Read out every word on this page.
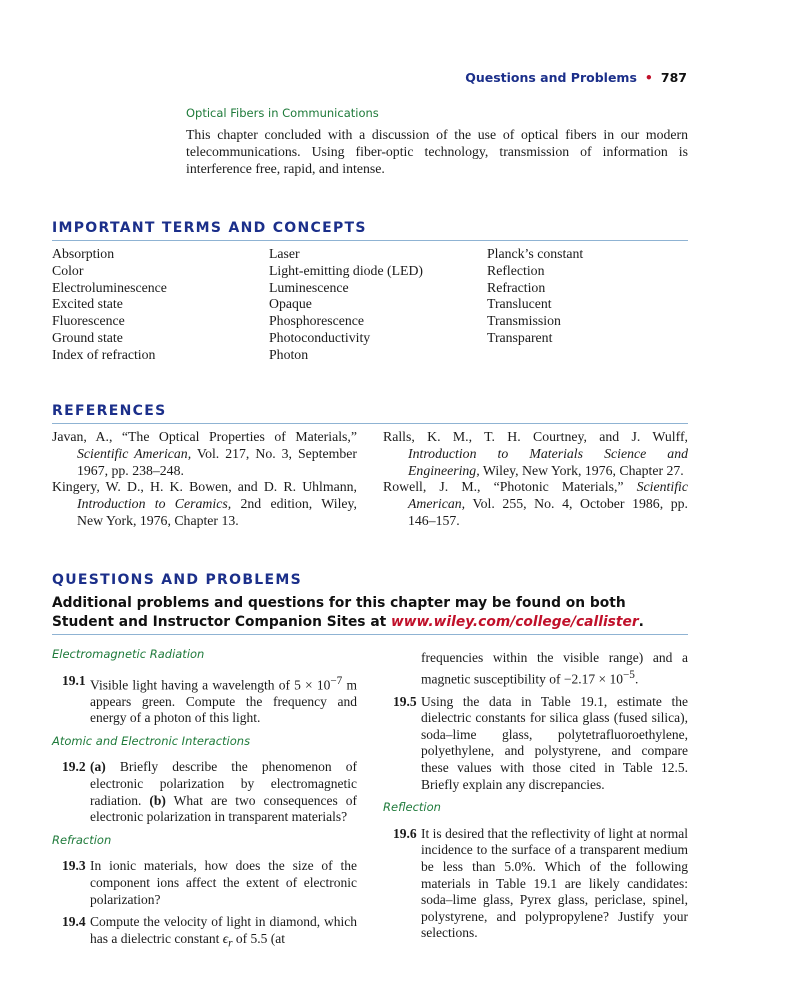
Questions and Problems • 787
Optical Fibers in Communications
This chapter concluded with a discussion of the use of optical fibers in our modern telecommunications. Using fiber-optic technology, transmission of information is interference free, rapid, and intense.
IMPORTANT TERMS AND CONCEPTS
Absorption
Color
Electroluminescence
Excited state
Fluorescence
Ground state
Index of refraction
Laser
Light-emitting diode (LED)
Luminescence
Opaque
Phosphorescence
Photoconductivity
Photon
Planck’s constant
Reflection
Refraction
Translucent
Transmission
Transparent
REFERENCES
Javan, A., “The Optical Properties of Materials,” Scientific American, Vol. 217, No. 3, September 1967, pp. 238–248.
Kingery, W. D., H. K. Bowen, and D. R. Uhlmann, Introduction to Ceramics, 2nd edition, Wiley, New York, 1976, Chapter 13.
Ralls, K. M., T. H. Courtney, and J. Wulff, Introduction to Materials Science and Engineering, Wiley, New York, 1976, Chapter 27.
Rowell, J. M., “Photonic Materials,” Scientific American, Vol. 255, No. 4, October 1986, pp. 146–157.
QUESTIONS AND PROBLEMS
Additional problems and questions for this chapter may be found on both Student and Instructor Companion Sites at www.wiley.com/college/callister.
Electromagnetic Radiation
19.1 Visible light having a wavelength of $5 \times 10^{-7}$ m appears green. Compute the frequency and energy of a photon of this light.
Atomic and Electronic Interactions
19.2 (a) Briefly describe the phenomenon of electronic polarization by electromagnetic radiation. (b) What are two consequences of electronic polarization in transparent materials?
Refraction
19.3 In ionic materials, how does the size of the component ions affect the extent of electronic polarization?
19.4 Compute the velocity of light in diamond, which has a dielectric constant $\epsilon_r$ of 5.5 (at
frequencies within the visible range) and a magnetic susceptibility of $-2.17 \times 10^{-5}$.
19.5 Using the data in Table 19.1, estimate the dielectric constants for silica glass (fused silica), soda–lime glass, polytetrafluoroethylene, polyethylene, and polystyrene, and compare these values with those cited in Table 12.5. Briefly explain any discrepancies.
Reflection
19.6 It is desired that the reflectivity of light at normal incidence to the surface of a transparent medium be less than 5.0%. Which of the following materials in Table 19.1 are likely candidates: soda–lime glass, Pyrex glass, periclase, spinel, polystyrene, and polypropylene? Justify your selections.
